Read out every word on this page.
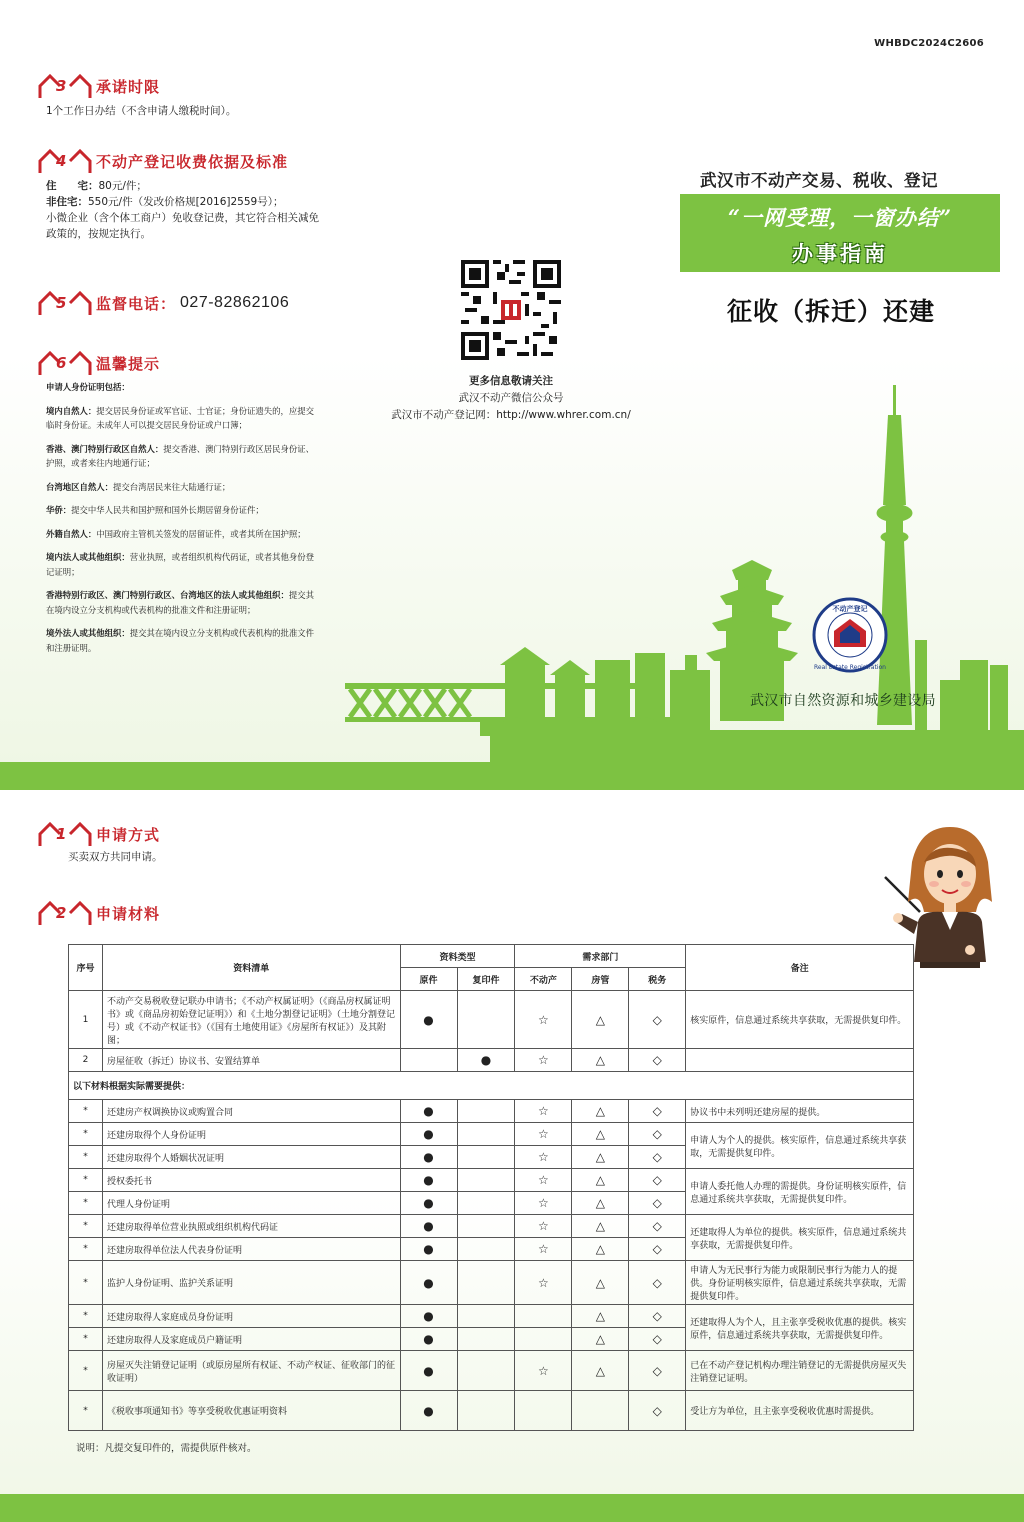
WHBDC2024C2606
3 承诺时限
1个工作日办结（不含申请人缴税时间）。
4 不动产登记收费依据及标准
住　　宅：80元/件；
非住宅：550元/件（发改价格规[2016]2559号）；
小微企业（含个体工商户）免收登记费，其它符合相关减免政策的，按规定执行。
5 监督电话： 027-82862106
6 温馨提示

申请人身份证明包括：

境内自然人：提交居民身份证或军官证、士官证；身份证遗失的，应提交临时身份证。未成年人可以提交居民身份证或户口簿；

香港、澳门特别行政区自然人：提交香港、澳门特别行政区居民身份证、护照，或者来往内地通行证；

台湾地区自然人：提交台湾居民来往大陆通行证；

华侨：提交中华人民共和国护照和国外长期居留身份证件；

外籍自然人：中国政府主管机关签发的居留证件，或者其所在国护照；

境内法人或其他组织：营业执照，或者组织机构代码证，或者其他身份登记证明；

香港特别行政区、澳门特别行政区、台湾地区的法人或其他组织：提交其在境内设立分支机构或代表机构的批准文件和注册证明；

境外法人或其他组织：提交其在境内设立分支机构或代表机构的批准文件和注册证明。

更多信息敬请关注
武汉不动产微信公众号
武汉市不动产登记网：http://www.whrer.com.cn/
武汉市不动产交易、税收、登记
“一网受理，一窗办结”
办事指南
征收（拆迁）还建
不动产登记
Real Estate Registration
武汉市自然资源和城乡建设局
1 申请方式
买卖双方共同申请。
2 申请材料
序号	资料清单	资料类型		需求部门			备注
		原件	复印件	不动产	房管	税务	
1	不动产交易税收登记联办申请书；《不动产权属证明》（《商品房权属证明书》或《商品房初始登记证明》）和《土地分割登记证明》（土地分割登记号）或《不动产权证书》（《国有土地使用证》《房屋所有权证》）及其附图；	●		☆	△	◇	核实原件，信息通过系统共享获取，无需提供复印件。
2	房屋征收（拆迁）协议书、安置结算单		●	☆	△	◇	
以下材料根据实际需要提供：							
*	还建房产权调换协议或购置合同	●		☆	△	◇	协议书中未列明还建房屋的提供。
*	还建房取得个人身份证明	●		☆	△	◇	申请人为个人的提供。核实原件，信息通过系统共享获取，无需提供复印件。
*	还建房取得个人婚姻状况证明	●		☆	△	◇	
*	授权委托书	●		☆	△	◇	申请人委托他人办理的需提供。身份证明核实原件，信息通过系统共享获取，无需提供复印件。
*	代理人身份证明	●		☆	△	◇	
*	还建房取得单位营业执照或组织机构代码证	●		☆	△	◇	还建取得人为单位的提供。核实原件，信息通过系统共享获取，无需提供复印件。
*	还建房取得单位法人代表身份证明	●		☆	△	◇	
*	监护人身份证明、监护关系证明	●		☆	△	◇	申请人为无民事行为能力或限制民事行为能力人的提供。身份证明核实原件，信息通过系统共享获取，无需提供复印件。
*	还建房取得人家庭成员身份证明	●			△	◇	还建取得人为个人，且主张享受税收优惠的提供。核实原件，信息通过系统共享获取，无需提供复印件。
*	还建房取得人及家庭成员户籍证明	●			△	◇	
*	房屋灭失注销登记证明（或原房屋所有权证、不动产权证、征收部门的征收证明）	●		☆	△	◇	已在不动产登记机构办理注销登记的无需提供房屋灭失注销登记证明。
*	《税收事项通知书》等享受税收优惠证明资料	●				◇	受让方为单位，且主张享受税收优惠时需提供。
说明：凡提交复印件的，需提供原件核对。
